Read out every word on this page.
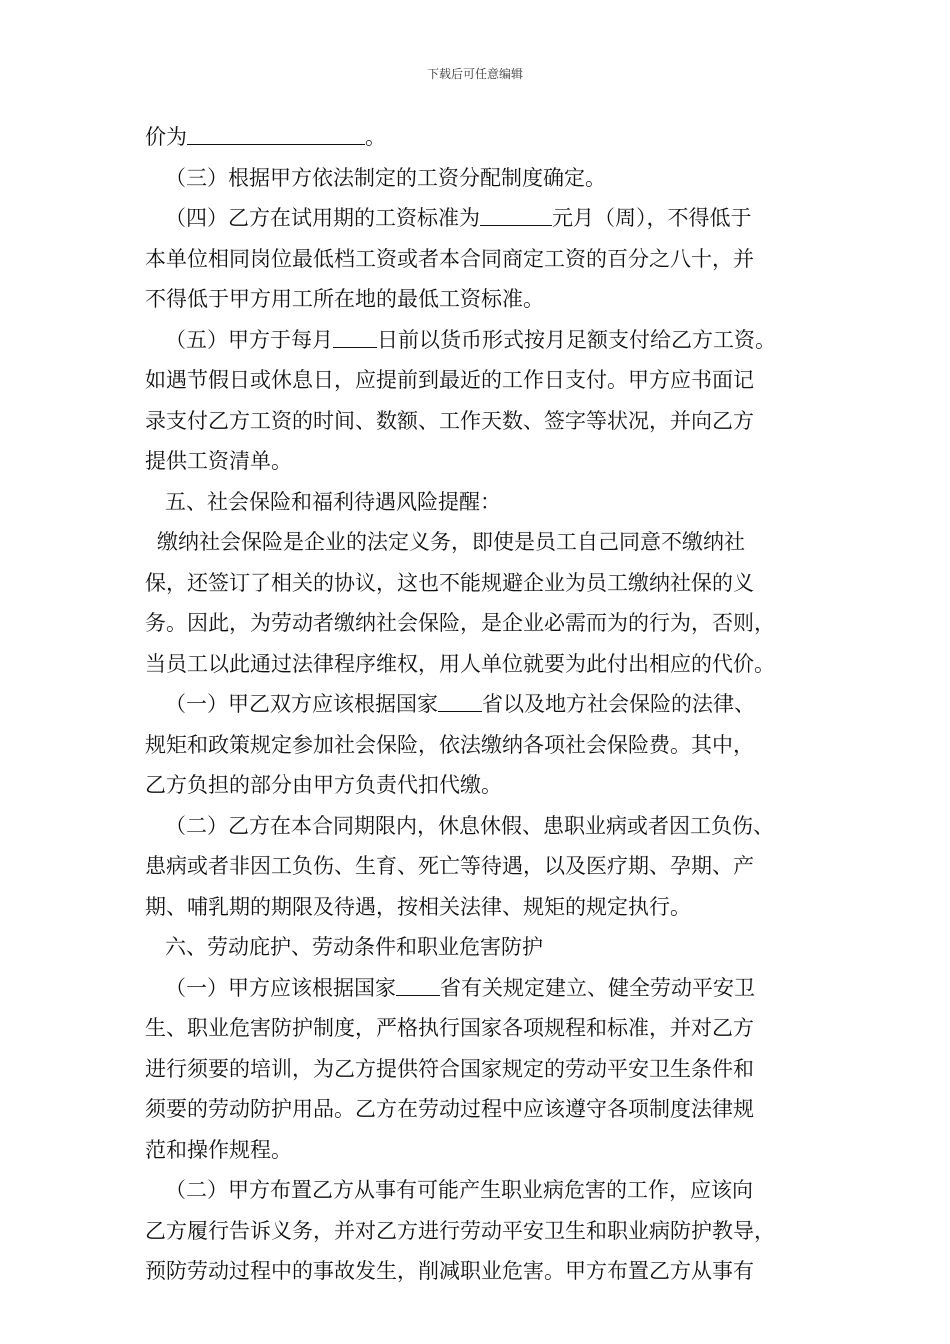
下载后可任意编辑
价为	。
（三）根据甲方依法制定的工资分配制度确定。
（四）乙方在试用期的工资标准为	元月（周），不得低于
本单位相同岗位最低档工资或者本合同商定工资的百分之八十，并
不得低于甲方用工所在地的最低工资标准。
（五）甲方于每月 日前以货币形式按月足额支付给乙方工资。
如遇节假日或休息日，应提前到最近的工作日支付。甲方应书面记
录支付乙方工资的时间、数额、工作天数、签字等状况，并向乙方
提供工资清单。
五、社会保险和福利待遇风险提醒：
缴纳社会保险是企业的法定义务，即使是员工自己同意不缴纳社
保，还签订了相关的协议，这也不能规避企业为员工缴纳社保的义
务。因此，为劳动者缴纳社会保险，是企业必需而为的行为，否则，
当员工以此通过法律程序维权，用人单位就要为此付出相应的代价。
（一）甲乙双方应该根据国家 省以及地方社会保险的法律、
规矩和政策规定参加社会保险，依法缴纳各项社会保险费。其中，
乙方负担的部分由甲方负责代扣代缴。
（二）乙方在本合同期限内，休息休假、患职业病或者因工负伤、
患病或者非因工负伤、生育、死亡等待遇，以及医疗期、孕期、产
期、哺乳期的期限及待遇，按相关法律、规矩的规定执行。
六、劳动庇护、劳动条件和职业危害防护
（一）甲方应该根据国家 省有关规定建立、健全劳动平安卫
生、职业危害防护制度，严格执行国家各项规程和标准，并对乙方
进行须要的培训，为乙方提供符合国家规定的劳动平安卫生条件和
须要的劳动防护用品。乙方在劳动过程中应该遵守各项制度法律规
范和操作规程。
（二）甲方布置乙方从事有可能产生职业病危害的工作，应该向
乙方履行告诉义务，并对乙方进行劳动平安卫生和职业病防护教导，
预防劳动过程中的事故发生，削减职业危害。甲方布置乙方从事有
